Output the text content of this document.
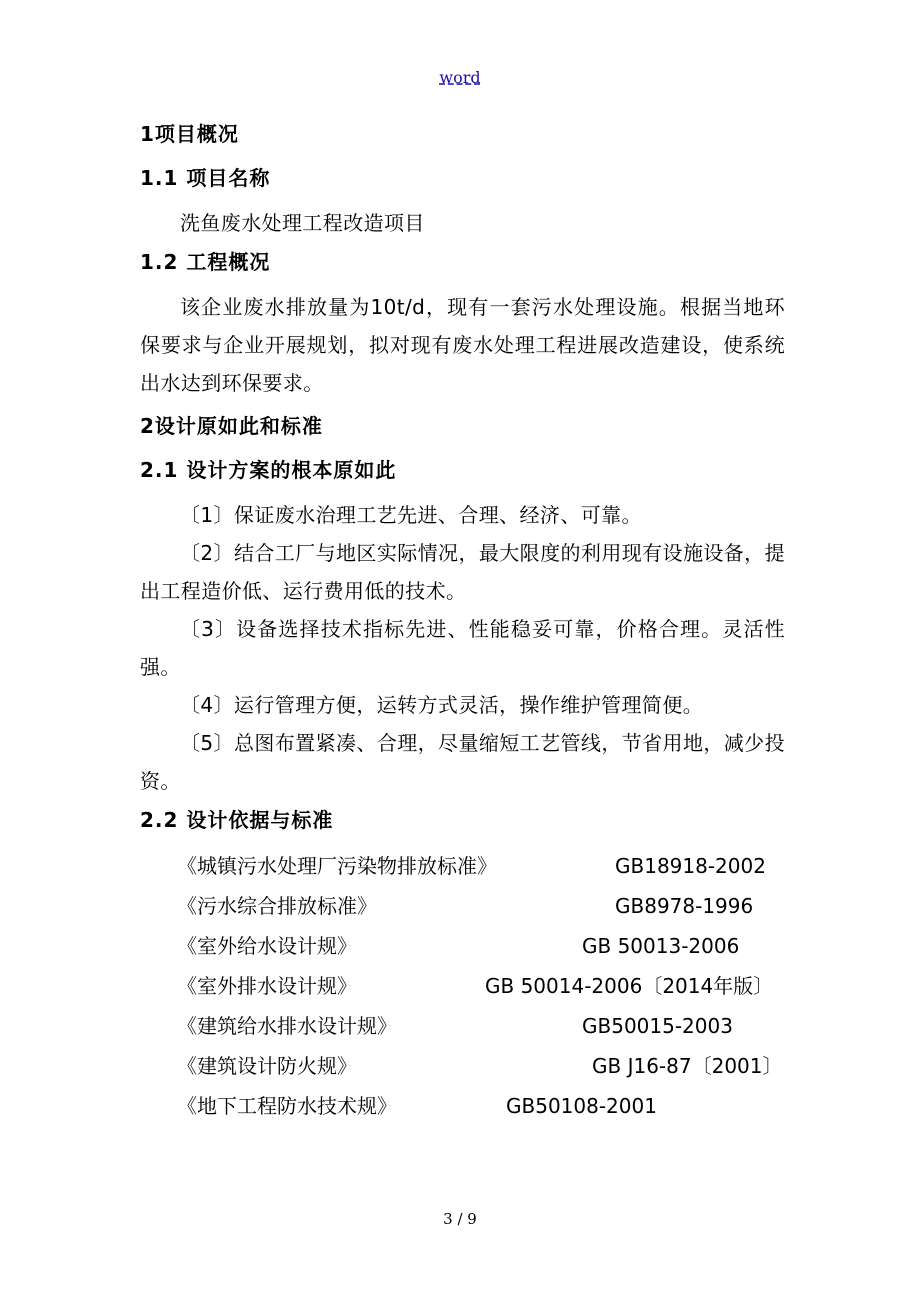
word
1项目概况
1.1 项目名称

洗鱼废水处理工程改造项目

1.2 工程概况

该企业废水排放量为10t/d，现有一套污水处理设施。根据当地环保要求与企业开展规划，拟对现有废水处理工程进展改造建设，使系统出水达到环保要求。

2设计原如此和标准
2.1 设计方案的根本原如此

〔1〕保证废水治理工艺先进、合理、经济、可靠。

〔2〕结合工厂与地区实际情况，最大限度的利用现有设施设备，提出工程造价低、运行费用低的技术。

〔3〕设备选择技术指标先进、性能稳妥可靠，价格合理。灵活性强。

〔4〕运行管理方便，运转方式灵活，操作维护管理简便。

〔5〕总图布置紧凑、合理，尽量缩短工艺管线，节省用地，减少投资。

2.2 设计依据与标准
《城镇污水处理厂污染物排放标准》	GB18918-2002
《污水综合排放标准》	GB8978-1996
《室外给水设计规》	GB 50013-2006
《室外排水设计规》	GB 50014-2006〔2014年版〕
《建筑给水排水设计规》	GB50015-2003
《建筑设计防火规》	GB J16-87〔2001〕
《地下工程防水技术规》	GB50108-2001
3 / 9
